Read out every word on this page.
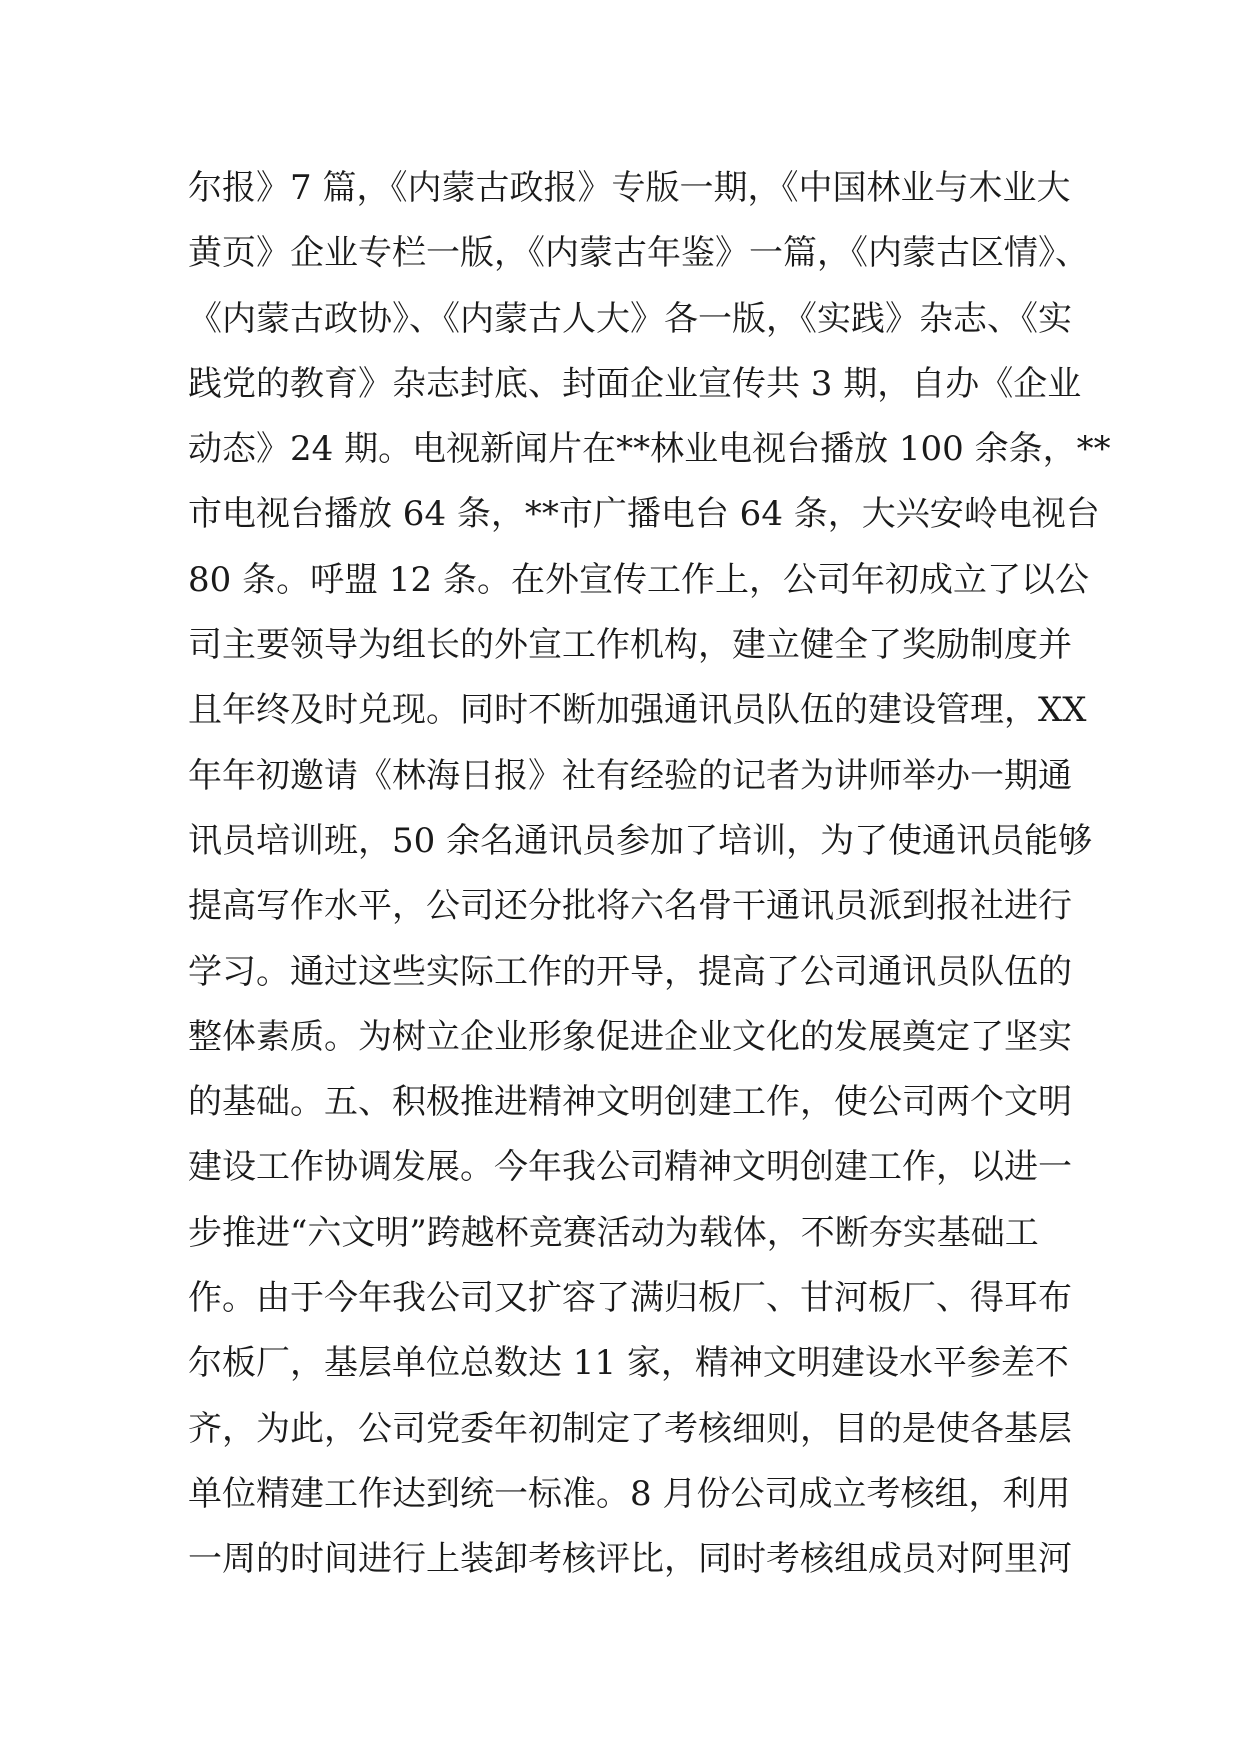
尔报》7 篇，《内蒙古政报》专版一期，《中国林业与木业大
黄页》企业专栏一版，《内蒙古年鉴》一篇，《内蒙古区情》、
《内蒙古政协》、《内蒙古人大》各一版，《实践》杂志、《实
践党的教育》杂志封底、封面企业宣传共 3 期，自办《企业
动态》24 期。电视新闻片在**林业电视台播放 100 余条，**
市电视台播放 64 条，**市广播电台 64 条，大兴安岭电视台
80 条。呼盟 12 条。在外宣传工作上，公司年初成立了以公
司主要领导为组长的外宣工作机构，建立健全了奖励制度并
且年终及时兑现。同时不断加强通讯员队伍的建设管理，XX
年年初邀请《林海日报》社有经验的记者为讲师举办一期通
讯员培训班，50 余名通讯员参加了培训，为了使通讯员能够
提高写作水平，公司还分批将六名骨干通讯员派到报社进行
学习。通过这些实际工作的开导，提高了公司通讯员队伍的
整体素质。为树立企业形象促进企业文化的发展奠定了坚实
的基础。五、积极推进精神文明创建工作，使公司两个文明
建设工作协调发展。今年我公司精神文明创建工作，以进一
步推进“六文明”跨越杯竞赛活动为载体，不断夯实基础工
作。由于今年我公司又扩容了满归板厂、甘河板厂、得耳布
尔板厂，基层单位总数达 11 家，精神文明建设水平参差不
齐，为此，公司党委年初制定了考核细则，目的是使各基层
单位精建工作达到统一标准。8 月份公司成立考核组，利用
一周的时间进行上装卸考核评比，同时考核组成员对阿里河
